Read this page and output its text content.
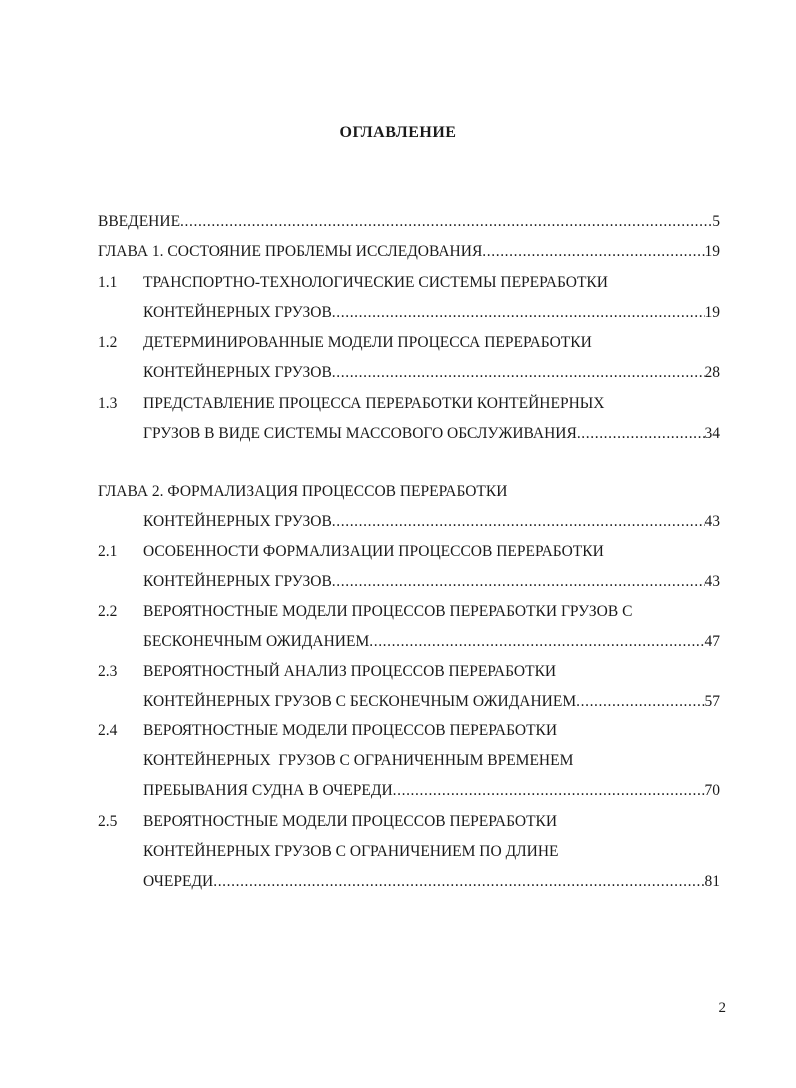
ОГЛАВЛЕНИЕ
ВВЕДЕНИЕ .....	5
ГЛАВА 1. СОСТОЯНИЕ ПРОБЛЕМЫ ИССЛЕДОВАНИЯ .....	19
1.1	ТРАНСПОРТНО-ТЕХНОЛОГИЧЕСКИЕ СИСТЕМЫ ПЕРЕРАБОТКИ
КОНТЕЙНЕРНЫХ ГРУЗОВ .....	19
1.2	ДЕТЕРМИНИРОВАННЫЕ МОДЕЛИ ПРОЦЕССА ПЕРЕРАБОТКИ
КОНТЕЙНЕРНЫХ ГРУЗОВ .....	28
1.3	ПРЕДСТАВЛЕНИЕ ПРОЦЕССА ПЕРЕРАБОТКИ КОНТЕЙНЕРНЫХ
ГРУЗОВ В ВИДЕ СИСТЕМЫ МАССОВОГО ОБСЛУЖИВАНИЯ .....	34
ГЛАВА 2. ФОРМАЛИЗАЦИЯ ПРОЦЕССОВ ПЕРЕРАБОТКИ
КОНТЕЙНЕРНЫХ ГРУЗОВ .....	43
2.1	ОСОБЕННОСТИ ФОРМАЛИЗАЦИИ ПРОЦЕССОВ ПЕРЕРАБОТКИ
КОНТЕЙНЕРНЫХ ГРУЗОВ .....	43
2.2	ВЕРОЯТНОСТНЫЕ МОДЕЛИ ПРОЦЕССОВ ПЕРЕРАБОТКИ ГРУЗОВ С
БЕСКОНЕЧНЫМ ОЖИДАНИЕМ .....	47
2.3	ВЕРОЯТНОСТНЫЙ АНАЛИЗ ПРОЦЕССОВ ПЕРЕРАБОТКИ
КОНТЕЙНЕРНЫХ ГРУЗОВ С БЕСКОНЕЧНЫМ ОЖИДАНИЕМ .....	57
2.4	ВЕРОЯТНОСТНЫЕ МОДЕЛИ ПРОЦЕССОВ ПЕРЕРАБОТКИ
КОНТЕЙНЕРНЫХ  ГРУЗОВ С ОГРАНИЧЕННЫМ ВРЕМЕНЕМ
ПРЕБЫВАНИЯ СУДНА В ОЧЕРЕДИ .....	70
2.5	ВЕРОЯТНОСТНЫЕ МОДЕЛИ ПРОЦЕССОВ ПЕРЕРАБОТКИ
КОНТЕЙНЕРНЫХ ГРУЗОВ С ОГРАНИЧЕНИЕМ ПО ДЛИНЕ
ОЧЕРЕДИ .....	81
2
